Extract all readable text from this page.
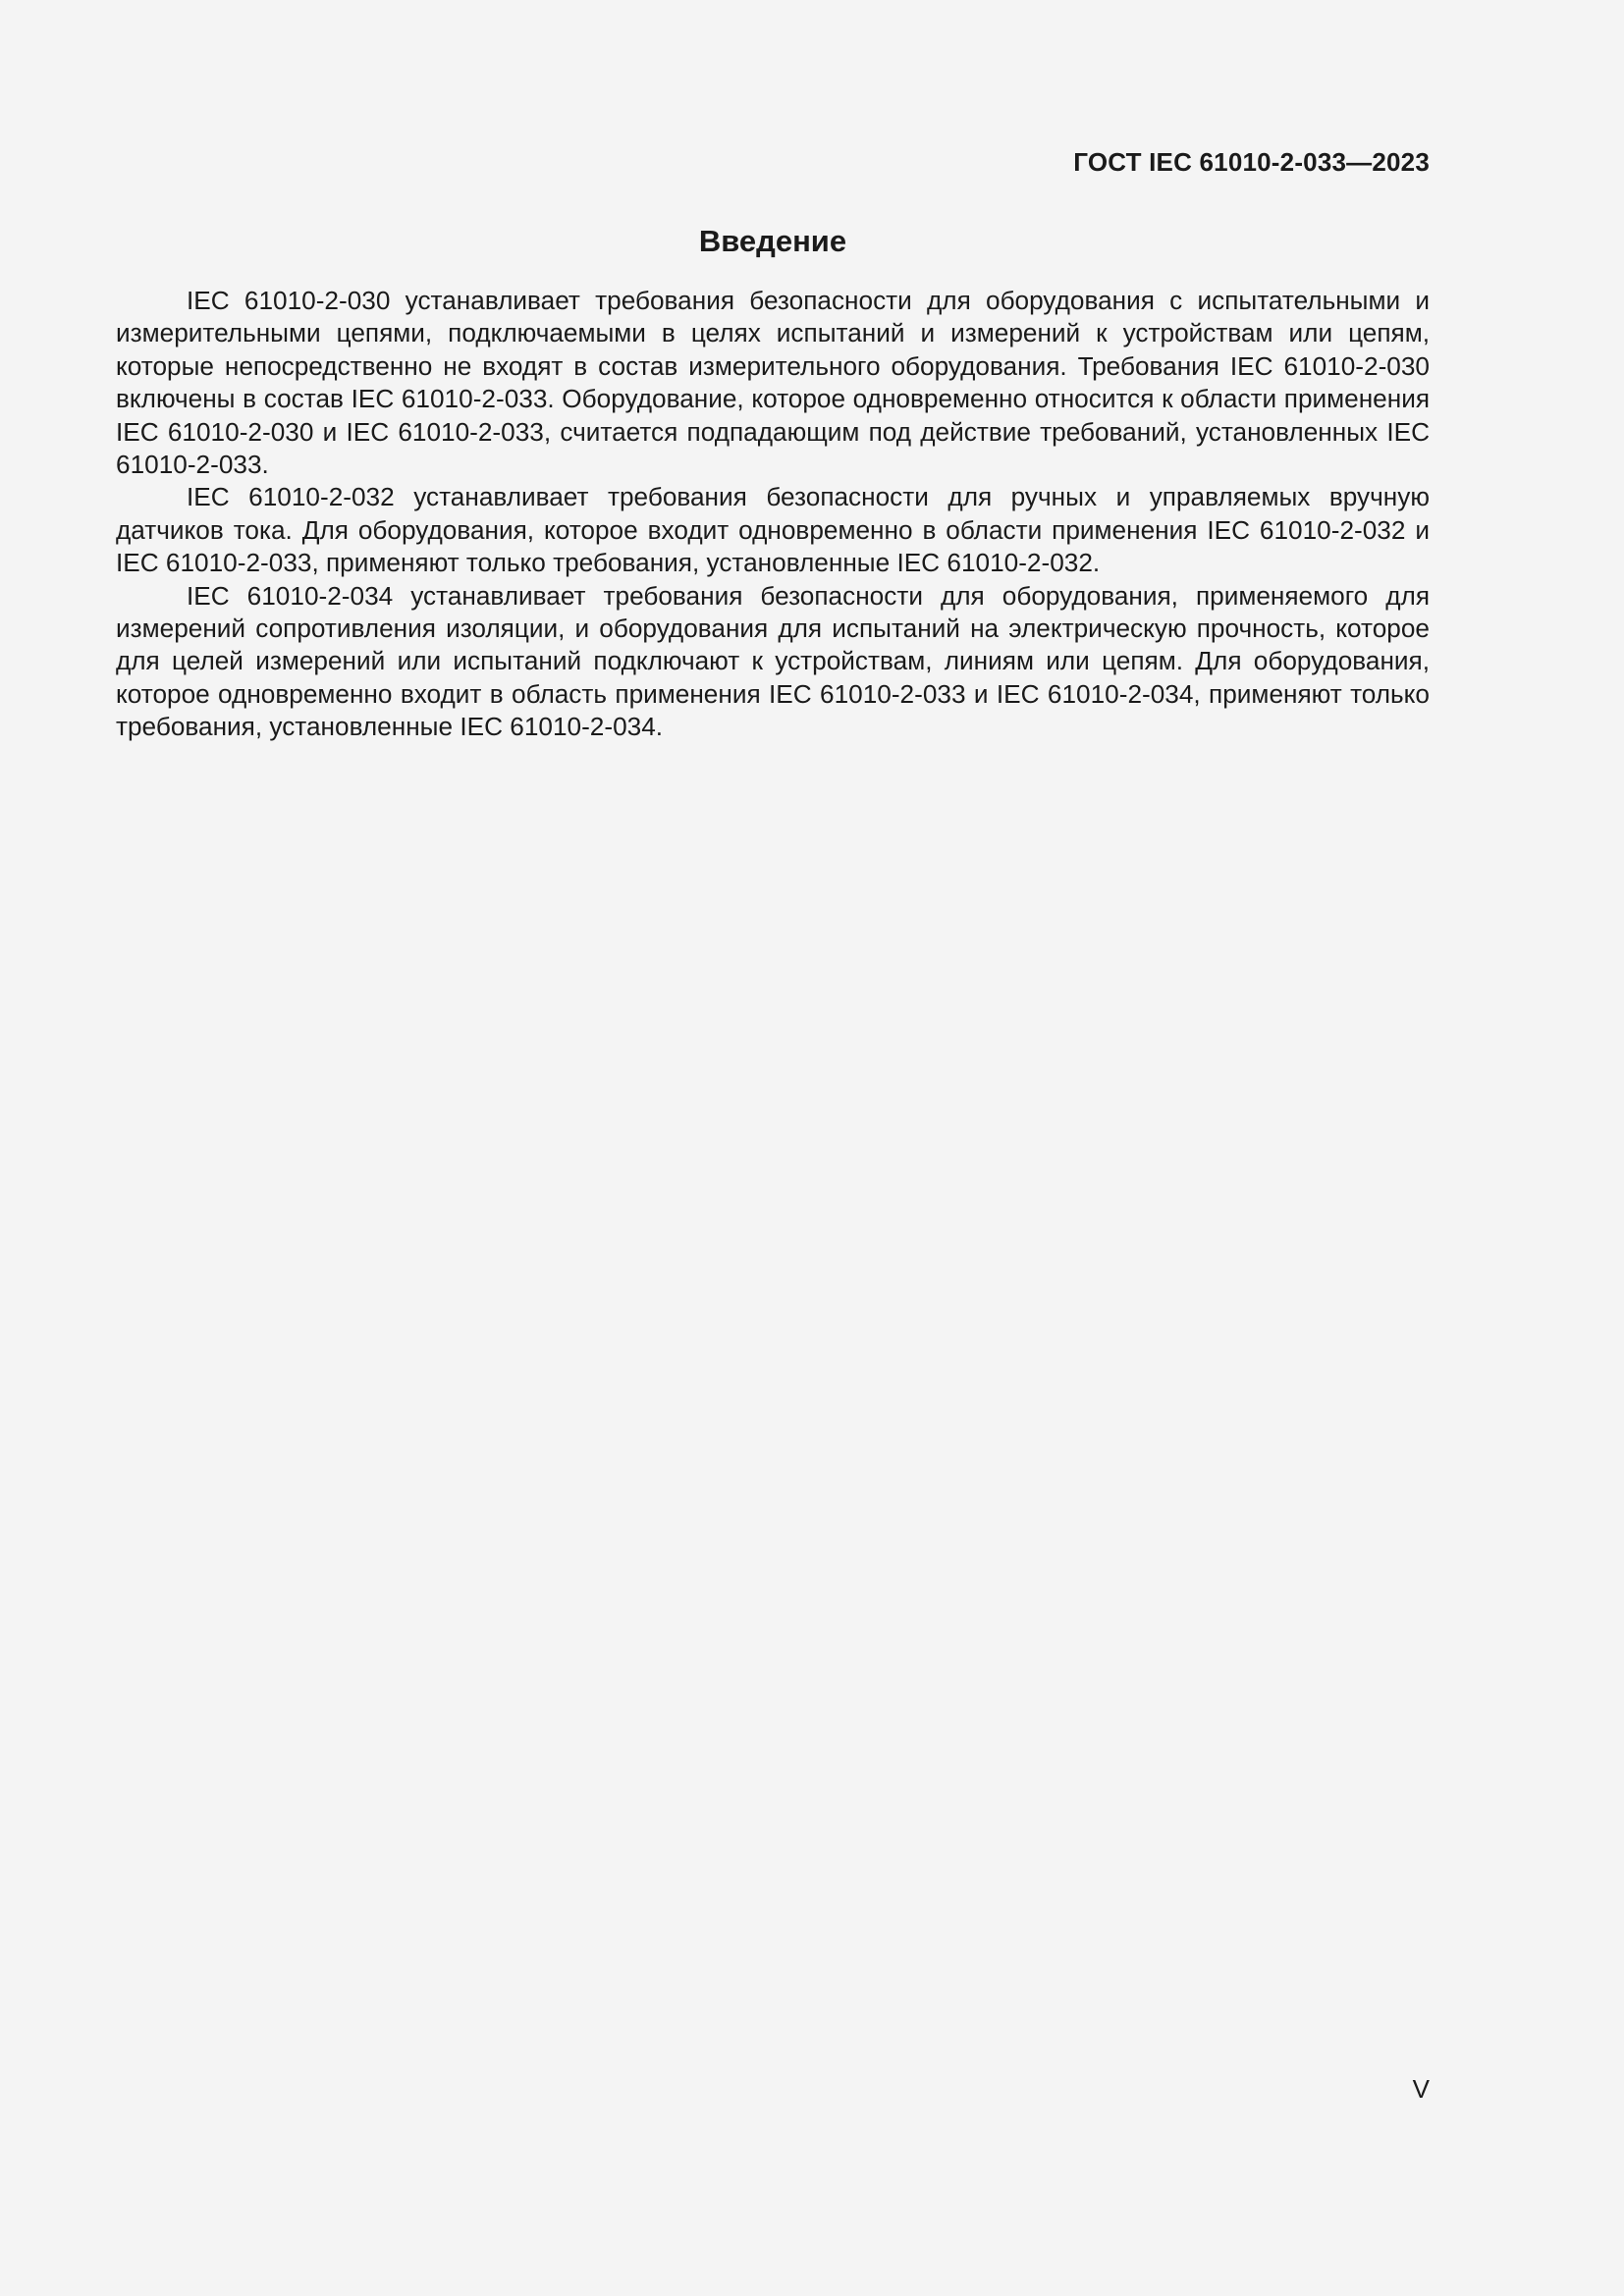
ГОСТ IEC 61010-2-033—2023
Введение

IEC 61010-2-030 устанавливает требования безопасности для оборудования с испытательными и измерительными цепями, подключаемыми в целях испытаний и измерений к устройствам или цепям, которые непосредственно не входят в состав измерительного оборудования. Требования IEC 61010-2-030 включены в состав IEC 61010-2-033. Оборудование, которое одновременно относится к области применения IEC 61010-2-030 и IEC 61010-2-033, считается подпадающим под действие требований, установленных IEC 61010-2-033.

IEC 61010-2-032 устанавливает требования безопасности для ручных и управляемых вручную датчиков тока. Для оборудования, которое входит одновременно в области применения IEC 61010-2-032 и IEC 61010-2-033, применяют только требования, установленные IEC 61010-2-032.

IEC 61010-2-034 устанавливает требования безопасности для оборудования, применяемого для измерений сопротивления изоляции, и оборудования для испытаний на электрическую прочность, которое для целей измерений или испытаний подключают к устройствам, линиям или цепям. Для оборудования, которое одновременно входит в область применения IEC 61010-2-033 и IEC 61010-2-034, применяют только требования, установленные IEC 61010-2-034.

V
